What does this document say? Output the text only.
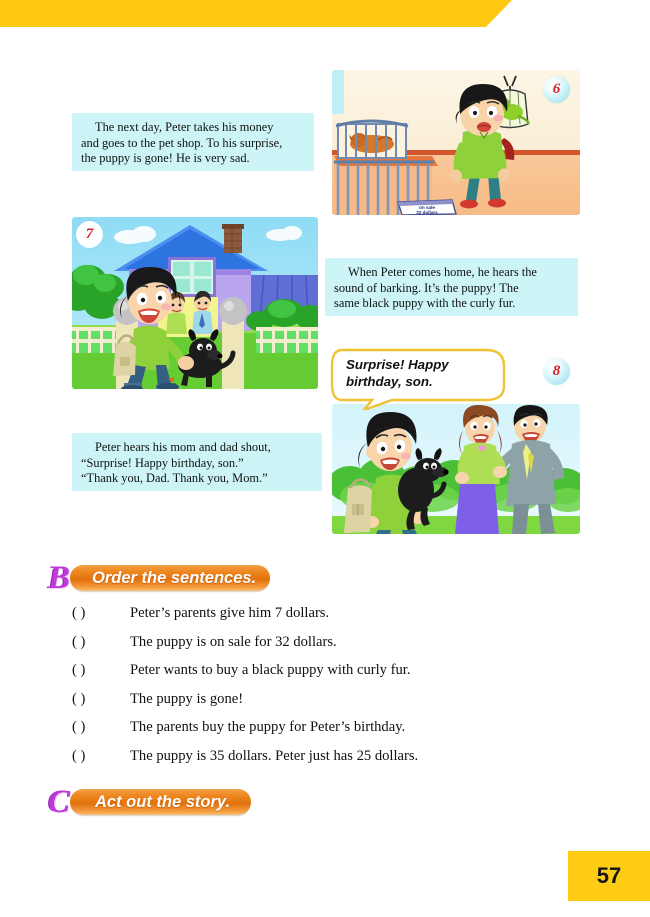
on sale
32 dollars
The next day, Peter takes his money
and goes to the pet shop. To his surprise,
the puppy is gone! He is very sad.
6
7
When Peter comes home, he hears the
sound of barking. It’s the puppy! The
same black puppy with the curly fur.
8
Surprise! Happy
birthday, son.
Peter hears his mom and dad shout,
“Surprise! Happy birthday, son.”
“Thank you, Dad. Thank you, Mom.”
B Order the sentences.
( )	Peter’s parents give him 7 dollars.
( )	The puppy is on sale for 32 dollars.
( )	Peter wants to buy a black puppy with curly fur.
( )	The puppy is gone!
( )	The parents buy the puppy for Peter’s birthday.
( )	The puppy is 35 dollars. Peter just has 25 dollars.
C Act out the story.
57
